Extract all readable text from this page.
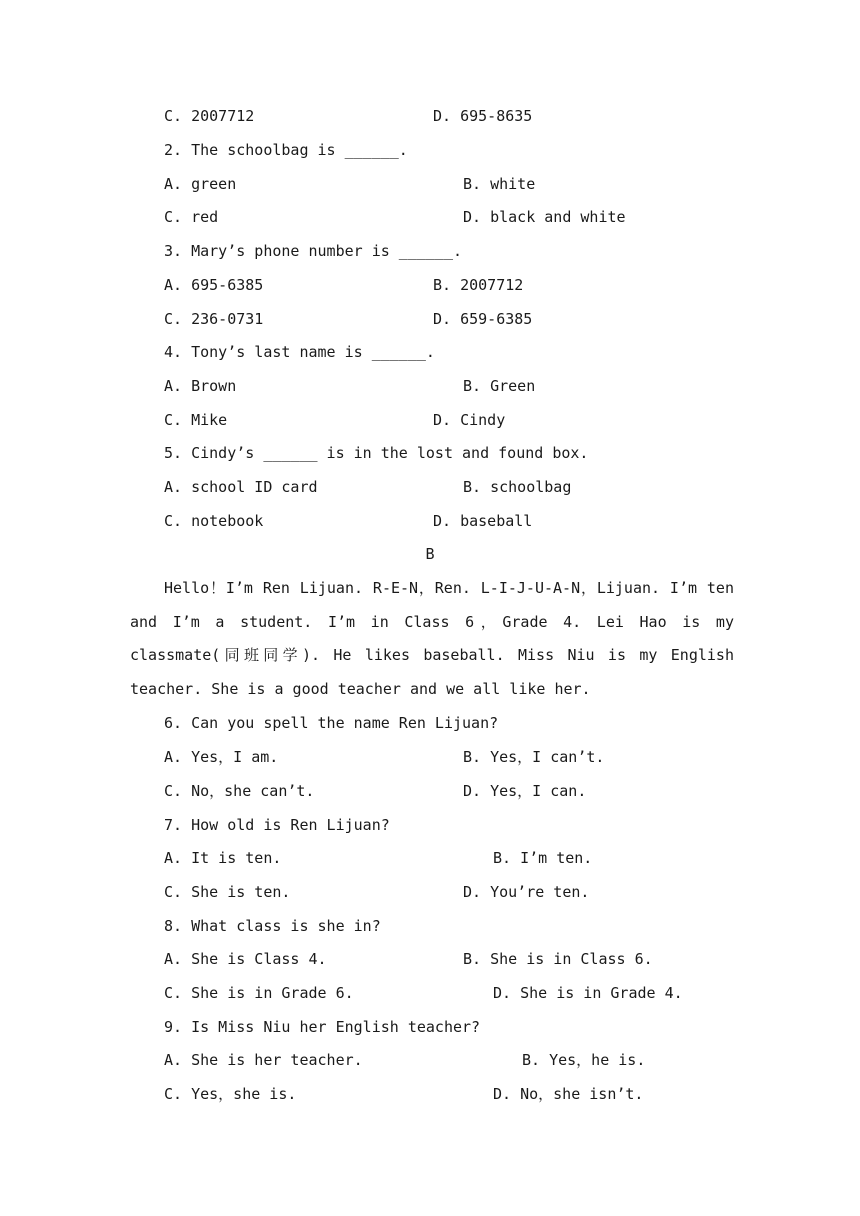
C. 2007712	D. 695-8635
2. The schoolbag is ______.
A. green	B. white
C. red	D. black and white
3. Mary’s phone number is ______.
A. 695-6385	B. 2007712
C. 236-0731	D. 659-6385
4. Tony’s last name is ______.
A. Brown	B. Green
C. Mike	D. Cindy
5. Cindy’s ______ is in the lost and found box.
A. school ID card	B. schoolbag
C. notebook	D. baseball
B
Hello！I’m Ren Lijuan. R-E-N，Ren. L-I-J-U-A-N，Lijuan. I’m ten and I’m a student. I’m in Class 6，Grade 4. Lei Hao is my classmate(同班同学). He likes baseball. Miss Niu is my English teacher. She is a good teacher and we all like her.
6. Can you spell the name Ren Lijuan?
A. Yes，I am.	B. Yes，I can’t.
C. No，she can’t.	D. Yes，I can.
7. How old is Ren Lijuan?
A. It is ten.	B. I’m ten.
C. She is ten.	D. You’re ten.
8. What class is she in?
A. She is Class 4.	B. She is in Class 6.
C. She is in Grade 6.	D. She is in Grade 4.
9. Is Miss Niu her English teacher?
A. She is her teacher.	B. Yes，he is.
C. Yes，she is.	D. No，she isn’t.
